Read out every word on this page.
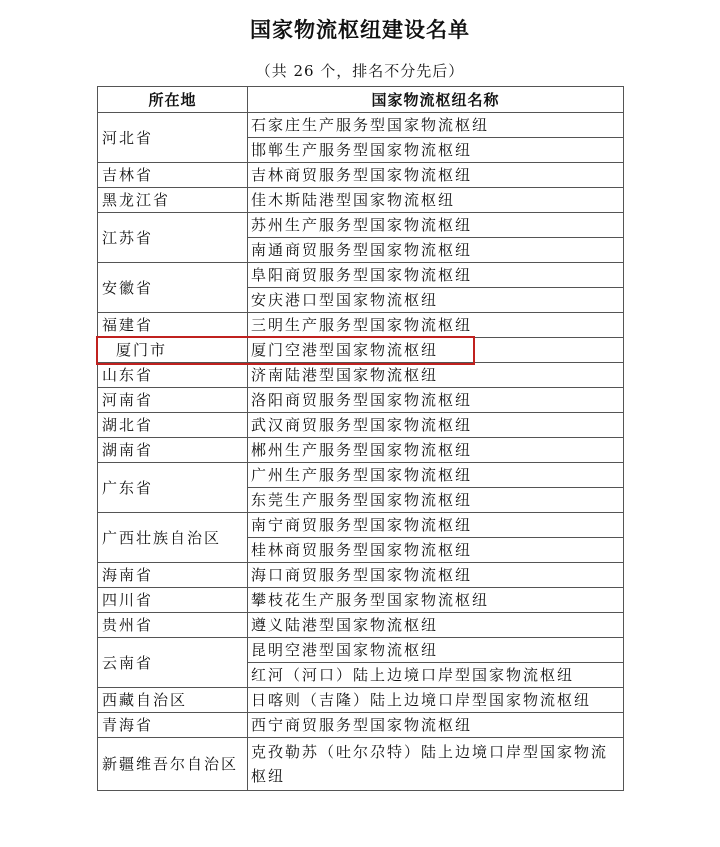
国家物流枢纽建设名单
（共 26 个，排名不分先后）
所在地	国家物流枢纽名称
河北省	石家庄生产服务型国家物流枢纽
	邯郸生产服务型国家物流枢纽
吉林省	吉林商贸服务型国家物流枢纽
黑龙江省	佳木斯陆港型国家物流枢纽
江苏省	苏州生产服务型国家物流枢纽
	南通商贸服务型国家物流枢纽
安徽省	阜阳商贸服务型国家物流枢纽
	安庆港口型国家物流枢纽
福建省	三明生产服务型国家物流枢纽
厦门市	厦门空港型国家物流枢纽
山东省	济南陆港型国家物流枢纽
河南省	洛阳商贸服务型国家物流枢纽
湖北省	武汉商贸服务型国家物流枢纽
湖南省	郴州生产服务型国家物流枢纽
广东省	广州生产服务型国家物流枢纽
	东莞生产服务型国家物流枢纽
广西壮族自治区	南宁商贸服务型国家物流枢纽
	桂林商贸服务型国家物流枢纽
海南省	海口商贸服务型国家物流枢纽
四川省	攀枝花生产服务型国家物流枢纽
贵州省	遵义陆港型国家物流枢纽
云南省	昆明空港型国家物流枢纽
	红河（河口）陆上边境口岸型国家物流枢纽
西藏自治区	日喀则（吉隆）陆上边境口岸型国家物流枢纽
青海省	西宁商贸服务型国家物流枢纽
新疆维吾尔自治区	克孜勒苏（吐尔尕特）陆上边境口岸型国家物流枢纽
